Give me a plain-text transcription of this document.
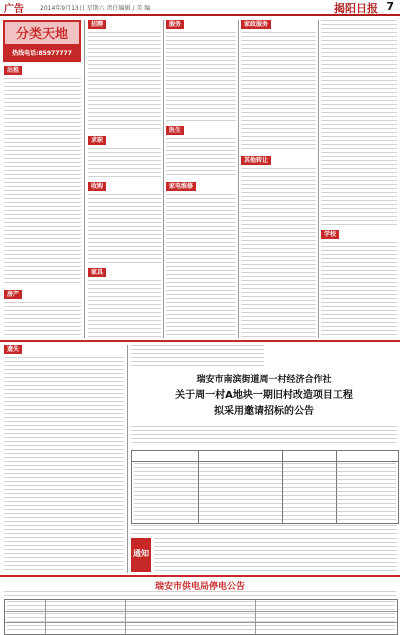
广告	2014年9月13日 星期六 责任编辑 / 美 编	揭阳日报 7
分类天地
热线电话:85977777
出租
房产
招聘
求职
收购
家具
服务
医生
家电维修
家政服务
其他转让
学校
遗失
瑞安市南滨街道周一村经济合作社
关于周一村A地块一期旧村改造项目工程
拟采用邀请招标的公告
通知
瑞安市供电局停电公告
